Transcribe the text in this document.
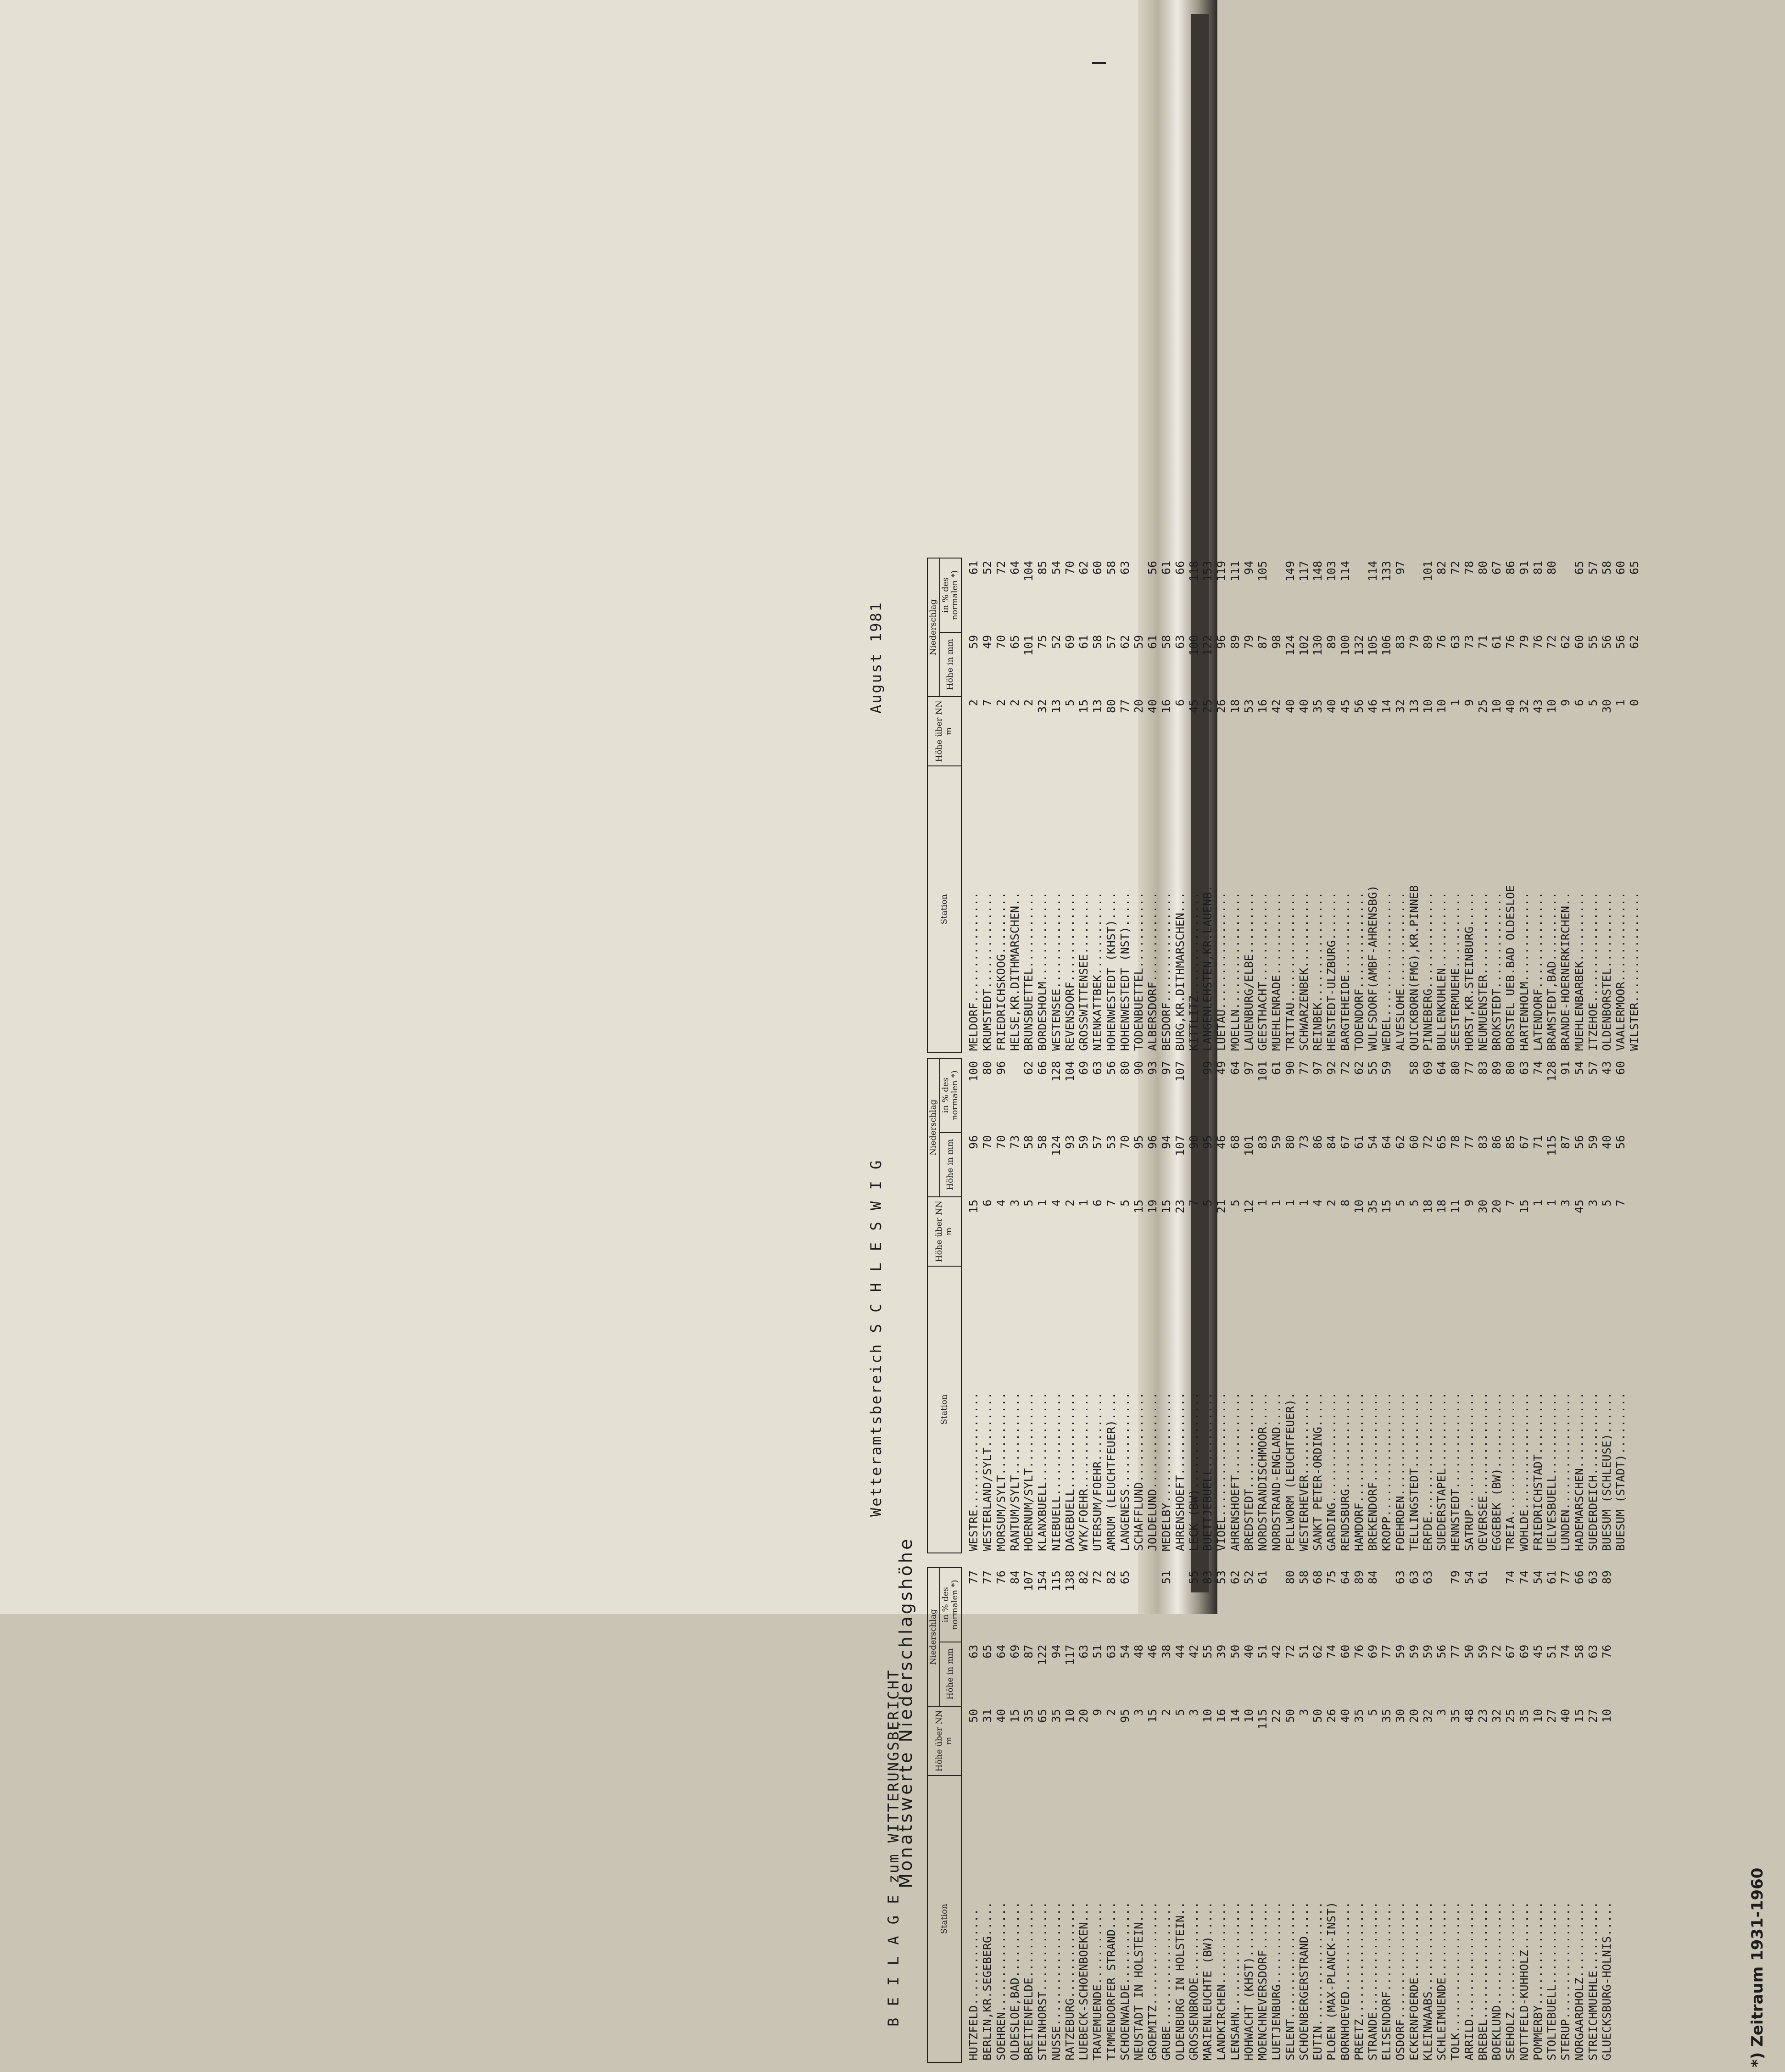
B E I L A G E zum WITTERUNGSBERICHT

Wetteramtsbereich S C H L E S W I G

August 1981

Monatswerte Niederschlagshöhe
Station	Höhe über NN m	Niederschlag	
		Höhe in mm	in % des normalen *)
HUTZFELD..............	50	63	77
BERLIN,KR.SEGEBERG.....	31	65	77
SOEHREN................	40	64	76
OLDESLOE,BAD...........	15	69	84
BREITENFELDE...........	35	87	107
STEINHORST.............	65	122	154
NUSSE..................	35	94	115
RATZEBURG..............	10	117	138
LUEBECK-SCHOENBOEKEN...	20	63	82
TRAVEMUENDE............	9	51	72
TIMMENDORFER STRAND....	2	63	82
SCHOENWALDE............	95	54	65
NEUSTADT IN HOLSTEIN...	3	48	
GROEMITZ...............	15	46	
GRUBE..................	2	38	51
OLDENBURG IN HOLSTEIN..	5	44	
GROSSENBRODE...........	3	42	55
MARIENLEUCHTE (BW).....	10	55	83
LANDKIRCHEN............	16	39	53
LENSAHN................	14	50	62
HOHWACHT (KHST)........	10	40	52
MOENCHNEVERSDORF.......	115	51	61
LUETJENBURG............	22	42	
SELENT.................	50	72	80
SCHOENBERGERSTRAND.....	3	51	58
EUTIN..................	50	62	68
PLOEN (MAX-PLANCK-INST)	26	74	75
BORNHOEVED.............	40	60	64
PREETZ.................	35	76	89
STRANDE................	5	69	84
ELISENDORF.............	35	77	
OSDORF.................	30	59	63
ECKERNFOERDE...........	20	59	63
KLEINWAABS.............	32	59	63
SCHLEIMUENDE...........	3	56	
TOLK...................	35	77	79
ARRILD.................	48	50	54
BREBEL.................	23	59	61
BOEKLUND...............	32	72	
SEEHOLZ................	25	67	74
NOTTFELD-KUHHOLZ.......	35	69	74
POMMERBY...............	10	45	54
STOLTEBUELL............	27	51	61
STERUP.................	40	74	77
NORGAARDHOLZ...........	15	58	66
STREICHMUEHLE..........	27	63	63
GLUECKSBURG-HOLNIS.....	10	76	89
Station	Höhe über NN m	Niederschlag	
		Höhe in mm	in % des normalen *)
WESTRE.................	15	96	100
WESTERLAND/SYLT........	6	70	80
MORSUM/SYLT............	4	70	96
RANTUM/SYLT............	3	73	
HOERNUM/SYLT...........	5	58	62
KLANXBUELL.............	1	58	66
NIEBUELL...............	4	124	128
DAGEBUELL..............	2	93	104
WYK/FOEHR..............	1	59	69
UTERSUM/FOEHR..........	6	57	63
AMRUM (LEUCHTFEUER)....	7	53	56
LANGENESS..............	5	70	80
SCHAFFLUND.............	15	95	90
JOLDELUND..............	19	96	93
MEDELBY................	15	94	97
AHRENSHOEFT............	23	107	107
LECK (BW)..............	7	90	
BUETTJEBUELL...........	5	95	99
VIOEL..................	21	46	49
AHRENSHOEFT............	5	68	64
BREDSTEDT..............	12	101	97
NORDSTRANDISCHMOOR.....	1	83	101
NORDSTRAND-ENGLAND.....	1	59	61
PELLWORM (LEUCHTFEUER).	1	80	90
WESTERHEVER............	1	73	77
SANKT PETER-ORDING.....	4	86	97
GARDING................	2	84	92
RENDSBURG..............	8	67	72
HAMDORF................	10	61	62
BREKENDORF.............	35	54	55
KROPP..................	15	64	59
FOEHRDEN...............	5	62	
TELLINGSTEDT...........	5	60	58
ERFDE..................	18	72	69
SUEDERSTAPEL...........	18	65	64
HENNSTEDT..............	11	78	80
SATRUP.................	9	77	77
OEVERSEE...............	30	83	83
EGGEBEK (BW)...........	20	86	89
TREIA..................	7	85	80
WOHLDE.................	15	67	63
FRIEDRICHSTADT.........	1	71	74
UELVESBUELL............	1	115	128
LUNDEN.................	3	87	91
HADEMARSCHEN...........	45	56	54
SUEDERDEICH............	3	59	57
BUESUM (SCHLEUSE)......	5	40	43
BUESUM (STADT).........	7	56	60
Station	Höhe über NN m	Niederschlag	
		Höhe in mm	in % des normalen *)
MELDORF................	2	59	61
KRUMSTEDT..............	7	49	52
FRIEDRICHSKOOG.........	2	70	72
HELSE,KR.DITHMARSCHEN..	2	65	64
BRUNSBUETTEL...........	2	101	104
BORDESHOLM.............	32	75	85
WESTENSEE..............	13	52	54
REVENSDORF.............	5	69	70
GROSSWITTENSEE.........	15	61	62
NIENKATTBEK............	13	58	60
HOHENWESTEDT (KHST)....	80	57	58
HOHENWESTEDT (NST).....	77	62	63
TODENBUETTEL...........	20	59	
ALBERSDORF.............	40	61	56
BESDORF................	16	58	61
BURG,KR.DITHMARSCHEN...	6	63	66
KITTLITZ...............	45	100	118
LANGENLEHSTEN,KR.LAUENB.	25	122	153
LUETAU.................	26	96	119
MOELLN.................	18	89	111
LAUENBURG/ELBE.........	53	79	94
GEESTHACHT.............	16	87	105
MUEHLENRADE............	42	98	
TRITTAU................	40	124	149
SCHWARZENBEK...........	40	102	117
REINBEK................	35	130	148
HENSTEDT-ULZBURG.......	40	89	103
BARGTEHEIDE............	45	100	114
TODENDORF..............	56	132	
WULFSDORF(AMBF-AHRENSBG)	46	105	114
WEDEL..................	14	106	133
ALVESLOHE..............	32	83	97
QUICKBORN(FMG),KR.PINNEB	13	79	
PINNEBERG..............	10	89	101
BULLENKUHLEN...........	10	76	82
SEESTERMUEHE...........	1	63	72
HORST,KR.STEINBURG.....	9	73	78
NEUMUENSTER............	25	71	80
BROKSTEDT..............	10	61	67
BORSTEL UEB.BAD OLDESLOE	40	76	86
HARTENHOLM.............	32	79	91
LATENDORF..............	43	76	81
BRAMSTEDT,BAD..........	10	72	80
BRANDE-HOERNERKIRCHEN..	9	62	
MUEHLENBARBEK..........	6	60	65
ITZEHOE................	5	55	57
OLDENBORSTEL...........	30	56	58
VAALERMOOR.............	1	56	60
WILSTER................	0	62	65
*) Zeitraum 1931-1960
